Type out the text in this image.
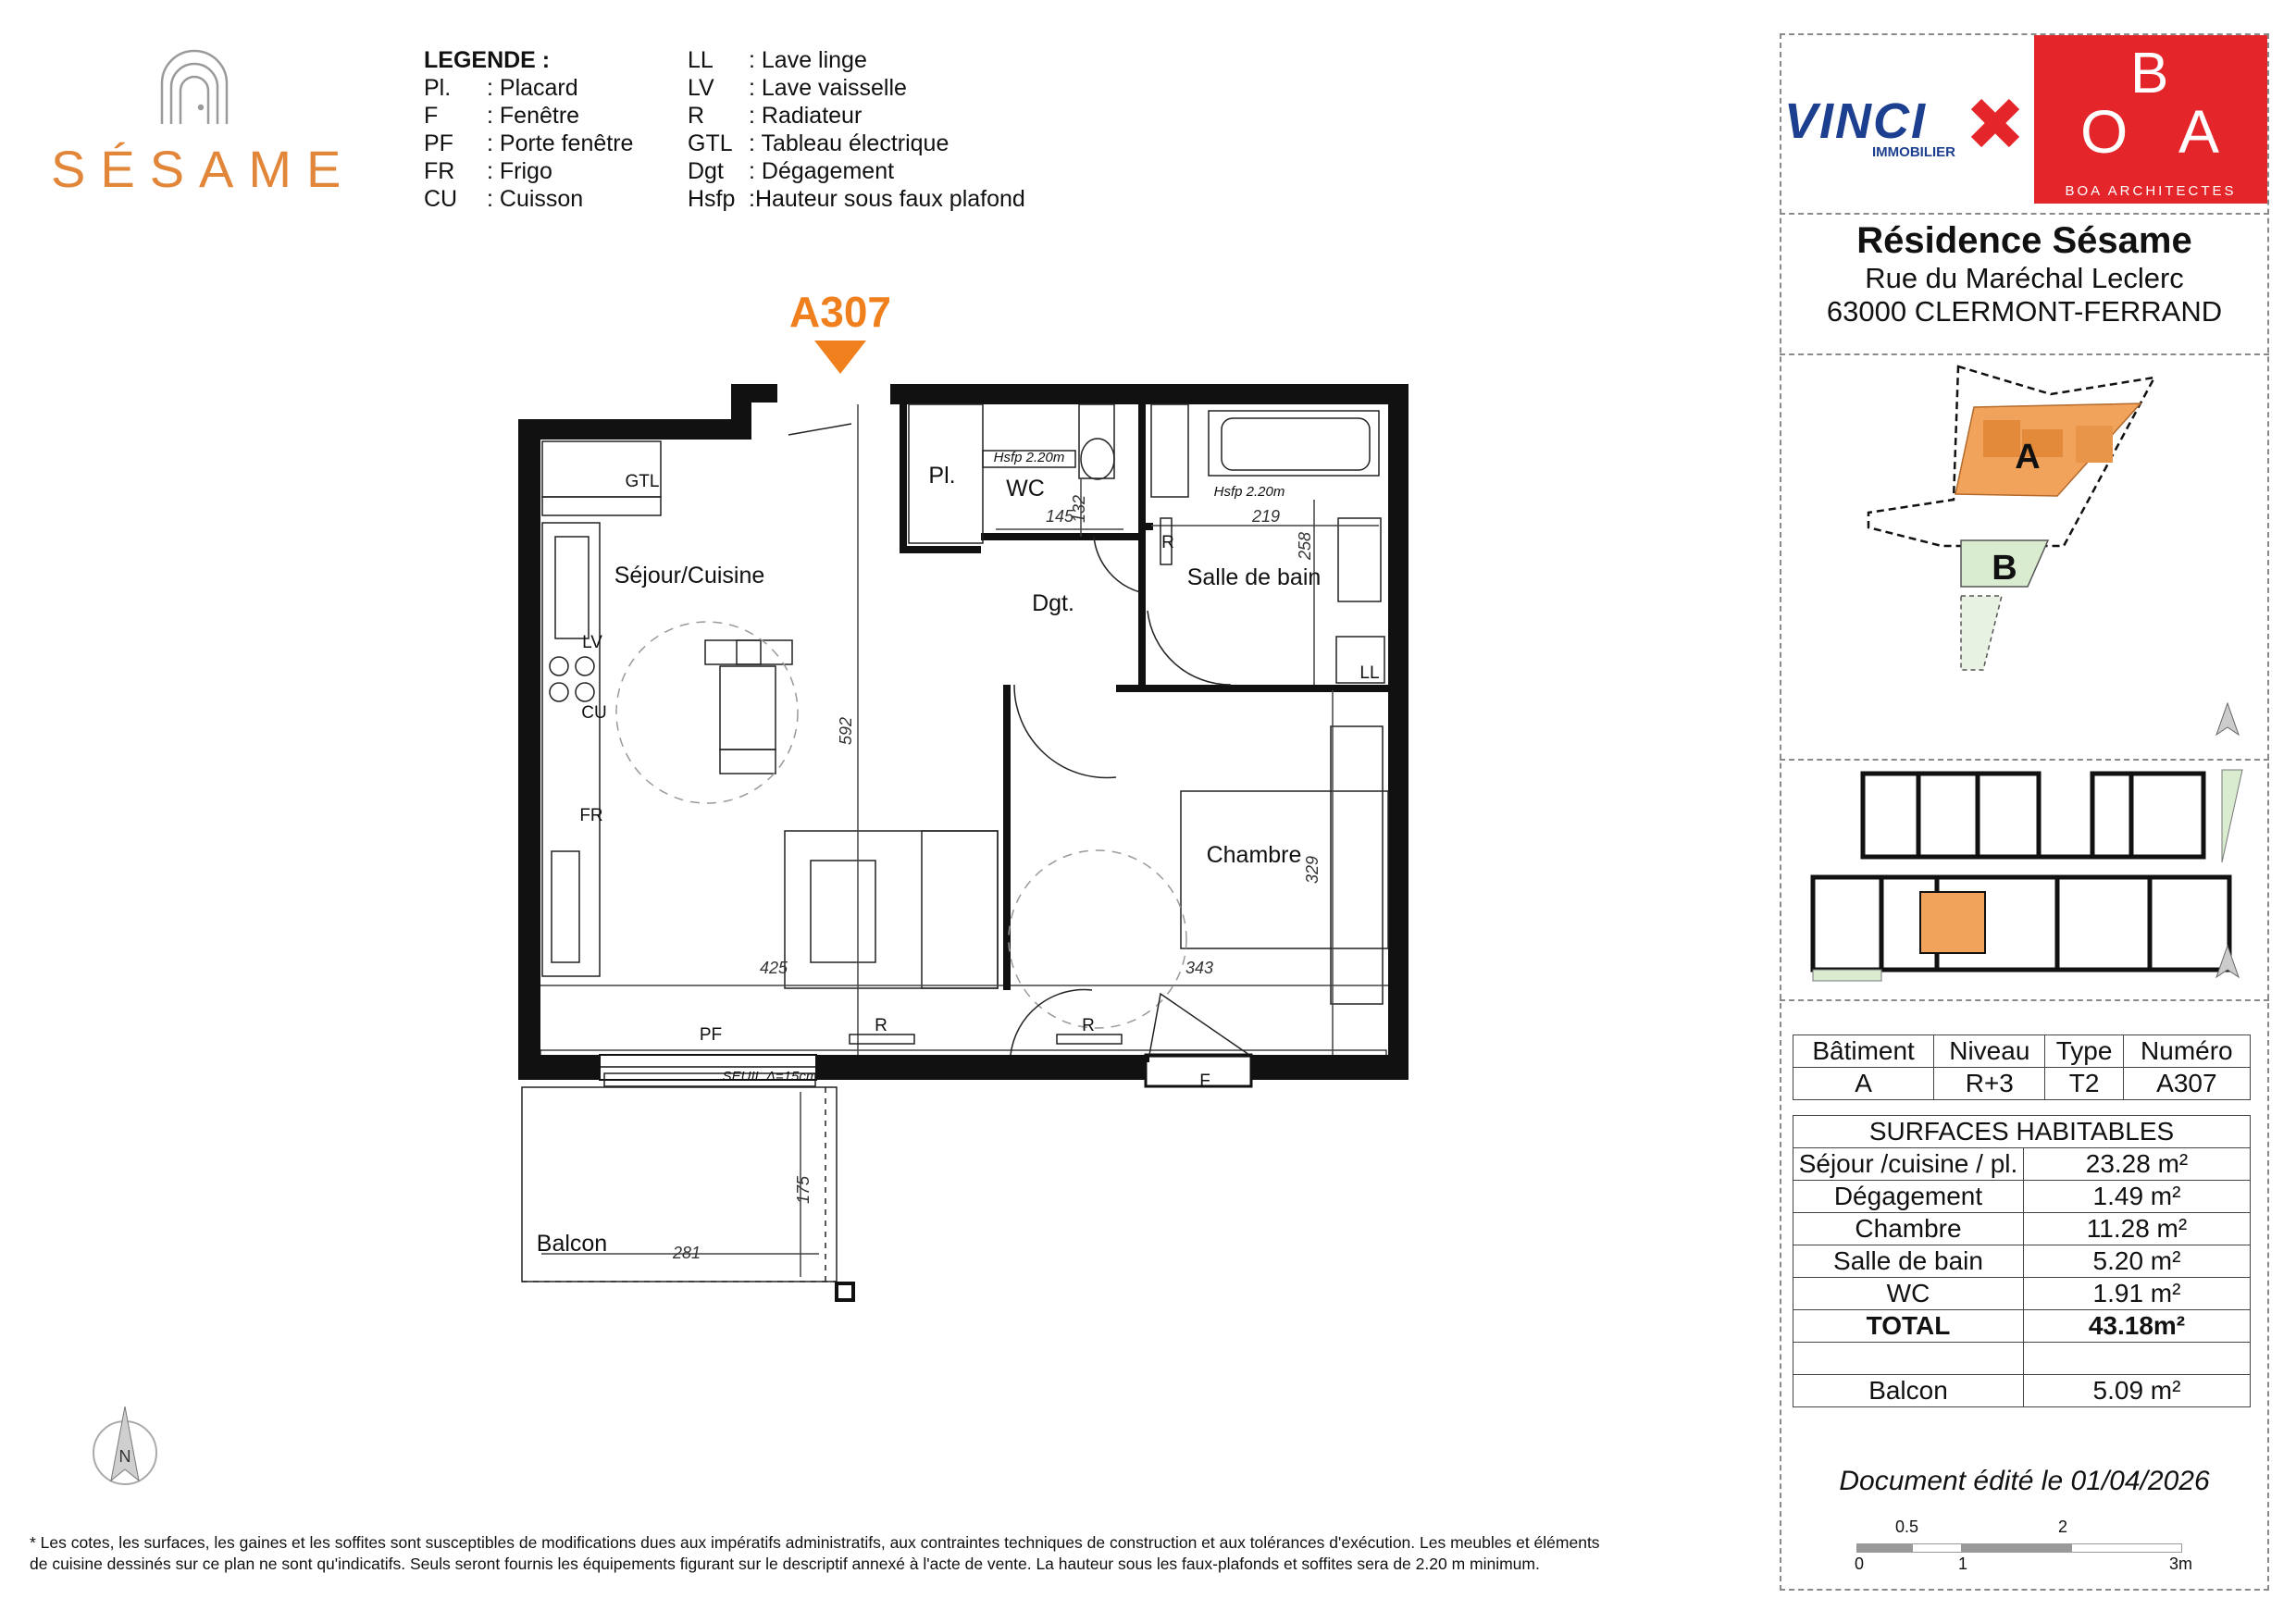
SÉSAME
LEGENDE :
Pl. : Placard
F : Fenêtre
PF : Porte fenêtre
FR : Frigo
CU : Cuisson
LL : Lave linge
LV : Lave vaisselle
R : Radiateur
GTL : Tableau électrique
Dgt : Dégagement
Hsfp :Hauteur sous faux plafond
A307
Séjour/Cuisine
WC
Pl.
Dgt.
Salle de bain
Chambre
Balcon
GTL
LV
CU
FR
LL
R
R	R
PF
F
Hsfp 2.20m
Hsfp 2.20m
SEUIL Δ=15cm
145
132	219
258
592
425	343
329
175
281
N
VINCI
IMMOBILIER
B
O A
BOA ARCHITECTES
Résidence Sésame
Rue du Maréchal Leclerc
63000 CLERMONT-FERRAND
A
B
Bâtiment	Niveau	Type	Numéro
A	R+3	T2	A307
SURFACES HABITABLES	
Séjour /cuisine / pl.	23.28 m²
Dégagement	1.49 m²
Chambre	11.28 m²
Salle de bain	5.20 m²
WC	1.91 m²
TOTAL	43.18m²

Balcon	5.09 m²
Document édité le 01/04/2026
0.5	2
0	1	3m
* Les cotes, les surfaces, les gaines et les soffites sont susceptibles de modifications dues aux impératifs administratifs, aux contraintes techniques de construction et aux tolérances d'exécution. Les meubles et éléments
de cuisine dessinés sur ce plan ne sont qu'indicatifs. Seuls seront fournis les équipements figurant sur le descriptif annexé à l'acte de vente. La hauteur sous les faux-plafonds et soffites sera de 2.20 m minimum.
